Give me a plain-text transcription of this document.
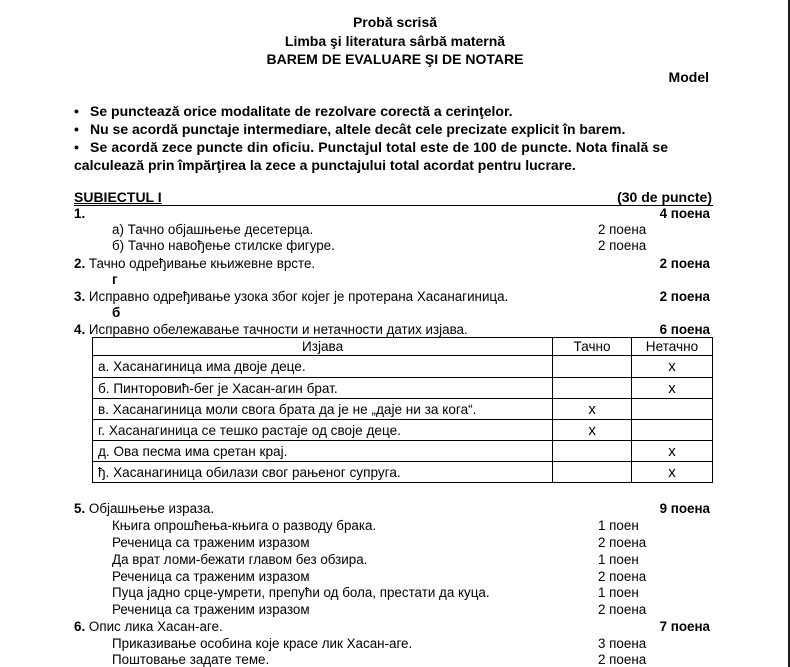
Probă scrisă
Limba şi literatura sârbă maternă
BAREM DE EVALUARE ŞI DE NOTARE
Model
• Se punctează orice modalitate de rezolvare corectă a cerinţelor.
• Nu se acordă punctaje intermediare, altele decât cele precizate explicit în barem.
• Se acordă zece puncte din oficiu. Punctajul total este de 100 de puncte. Nota finală se
calculează prin împărţirea la zece a punctajului total acordat pentru lucrare.
SUBIECTUL I	(30 de puncte)
1.	4 поена
а) Тачно објашњење десетерца.	2 поена
б) Тачно навођење стилске фигуре.	2 поена
2. Тачно одређивање књижевне врсте.	2 поена
г
3. Исправно одређивање узока због којег је протерана Хасанагиница.	2 поена
б
4. Исправно обележавање тачности и нетачности датих изјава.	6 поена
Изјава	Тачно	Нетачно
а. Хасанагиница има двоје деце.		x
б. Пинторовић-бег је Хасан-агин брат.		x
в. Хасанагиница моли свога брата да је не „даје ни за кога“.	x	
г. Хасанагиница се тешко растаје од своје деце.	x	
д. Ова песма има сретан крај.		x
ђ. Хасанагиница обилази свог рањеног супруга.		x
5. Објашњење израза.	9 поена
Књига опрошћења-књига о разводу брака.	1 поен
Реченица са траженим изразом	2 поена
Да врат ломи-бежати главом без обзира.	1 поен
Реченица са траженим изразом	2 поена
Пуца јадно срце-умрети, препући од бола, престати да куца.	1 поен
Реченица са траженим изразом	2 поена
6. Опис лика Хасан-аге.	7 поена
Приказивање особина које красе лик Хасан-аге.	3 поена
Поштовање задате теме.	2 поена
